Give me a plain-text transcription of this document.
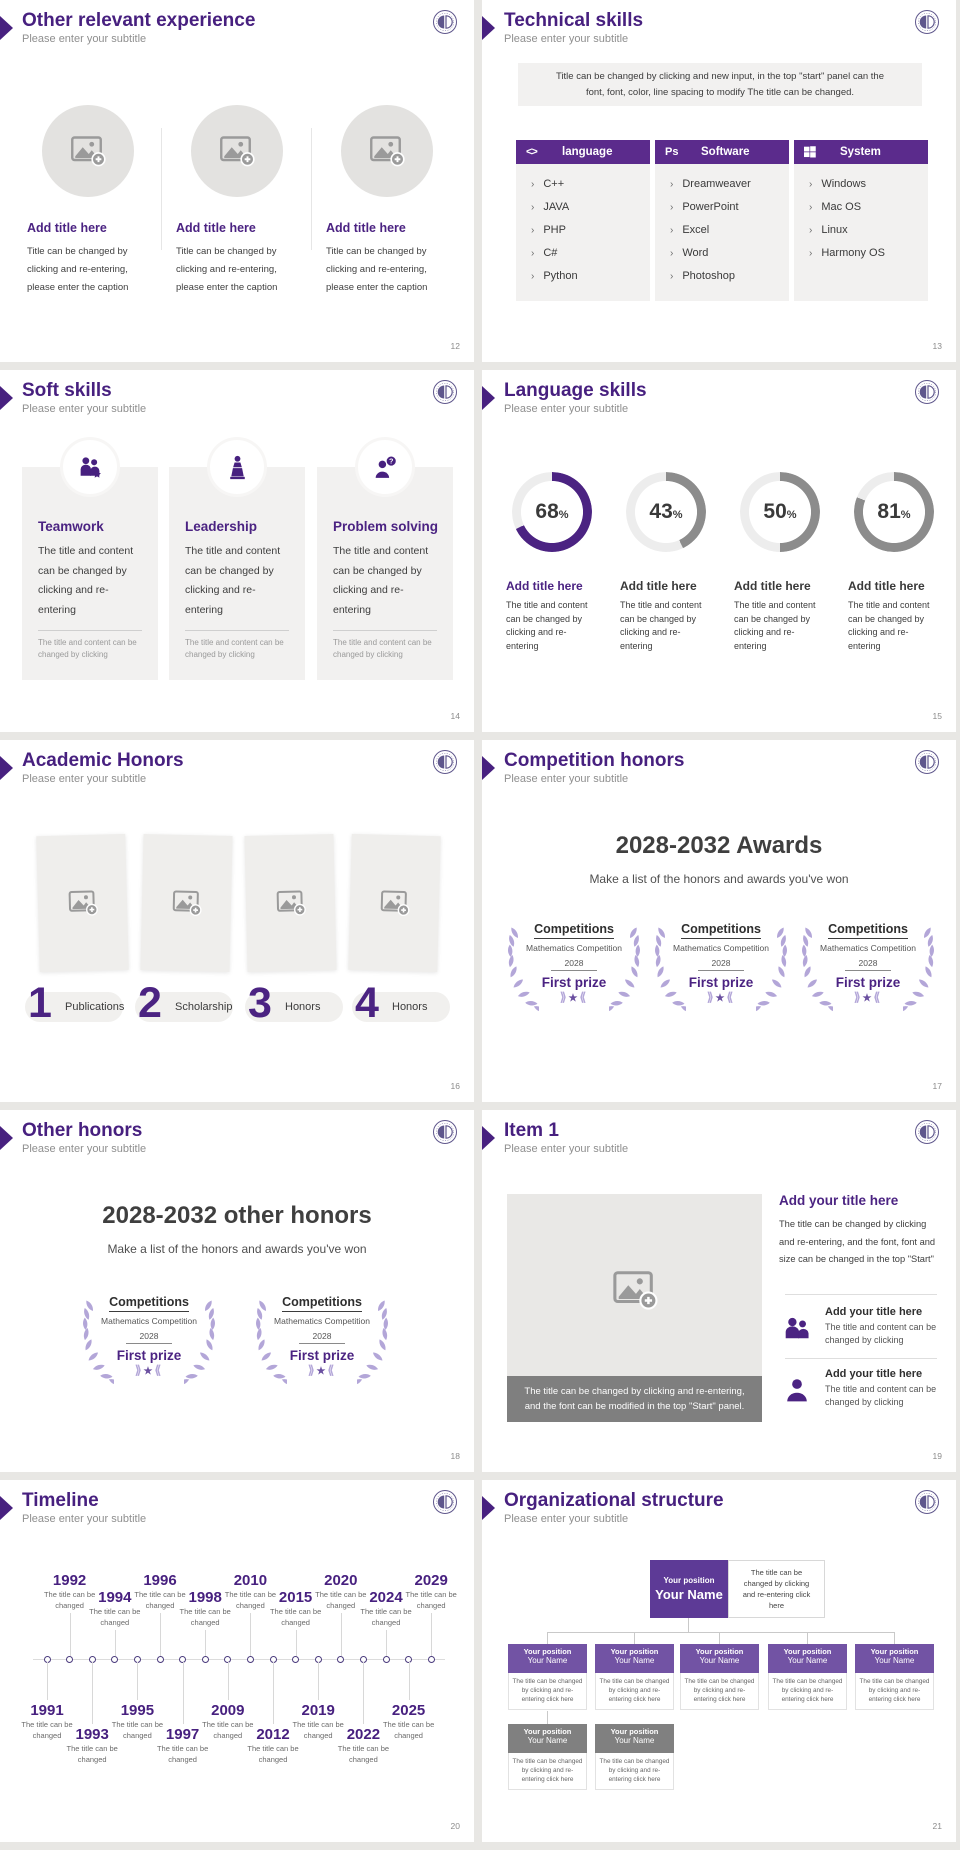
Other relevant experience
Please enter your subtitle
Add title here
Title can be changed by clicking and re-entering, please enter the caption
Add title here
Title can be changed by clicking and re-entering, please enter the caption
Add title here
Title can be changed by clicking and re-entering, please enter the caption
12
Technical skills
Please enter your subtitle
Title can be changed by clicking and new input, in the top "start" panel can the font, font, color, line spacing to modify The title can be changed.
<>	language
› C++
› JAVA
› PHP
› C#
› Python
Ps	Software
› Dreamweaver
› PowerPoint
› Excel
› Word
› Photoshop
System
› Windows
› Mac OS
› Linux
› Harmony OS
13
Soft skills
Please enter your subtitle
Teamwork
The title and content can be changed by clicking and re-entering
The title and content can be changed by clicking
Leadership
The title and content can be changed by clicking and re-entering
The title and content can be changed by clicking
?
Problem solving
The title and content can be changed by clicking and re-entering
The title and content can be changed by clicking
14
Language skills
Please enter your subtitle
68 %
Add title here
The title and content can be changed by clicking and re-entering
43 %
Add title here
The title and content can be changed by clicking and re-entering
50 %
Add title here
The title and content can be changed by clicking and re-entering
81 %
Add title here
The title and content can be changed by clicking and re-entering
15
Academic Honors
Please enter your subtitle
1 Publications 2 Scholarship 3 Honors 4 Honors
16
Competition honors
Please enter your subtitle
2028-2032 Awards
Make a list of the honors and awards you've won
Competitions
Mathematics Competition
2028
First prize
⟫★⟪
Competitions
Mathematics Competition
2028
First prize
⟫★⟪
Competitions
Mathematics Competition
2028
First prize
⟫★⟪
17
Other honors
Please enter your subtitle
2028-2032 other honors
Make a list of the honors and awards you've won
Competitions
Mathematics Competition
2028
First prize
⟫★⟪
Competitions
Mathematics Competition
2028
First prize
⟫★⟪
18
Item 1
Please enter your subtitle
The title can be changed by clicking and re-entering, and the font can be modified in the top "Start" panel.
Add your title here
The title can be changed by clicking and re-entering, and the font, font and size can be changed in the top "Start"
Add your title here
The title and content can be changed by clicking
Add your title here
The title and content can be changed by clicking
19
Timeline
Please enter your subtitle
1991
The title can be changed
1992
The title can be changed
1993
The title can be changed
1994
The title can be changed
1995
The title can be changed
1996
The title can be changed
1997
The title can be changed
1998
The title can be changed
2009
The title can be changed
2010
The title can be changed
2012
The title can be changed
2015
The title can be changed
2019
The title can be changed
2020
The title can be changed
2022
The title can be changed
2024
The title can be changed
2025
The title can be changed
2029
The title can be changed
20
Organizational structure
Please enter your subtitle
Your position
Your Name
The title can be changed by clicking and re-entering click here
Your position
Your Name
The title can be changed by clicking and re-entering click here
Your position
Your Name
The title can be changed by clicking and re-entering click here
Your position
Your Name
The title can be changed by clicking and re-entering click here
Your position
Your Name
The title can be changed by clicking and re-entering click here
Your position
Your Name
The title can be changed by clicking and re-entering click here
Your position
Your Name
The title can be changed by clicking and re-entering click here
Your position
Your Name
The title can be changed by clicking and re-entering click here
21
